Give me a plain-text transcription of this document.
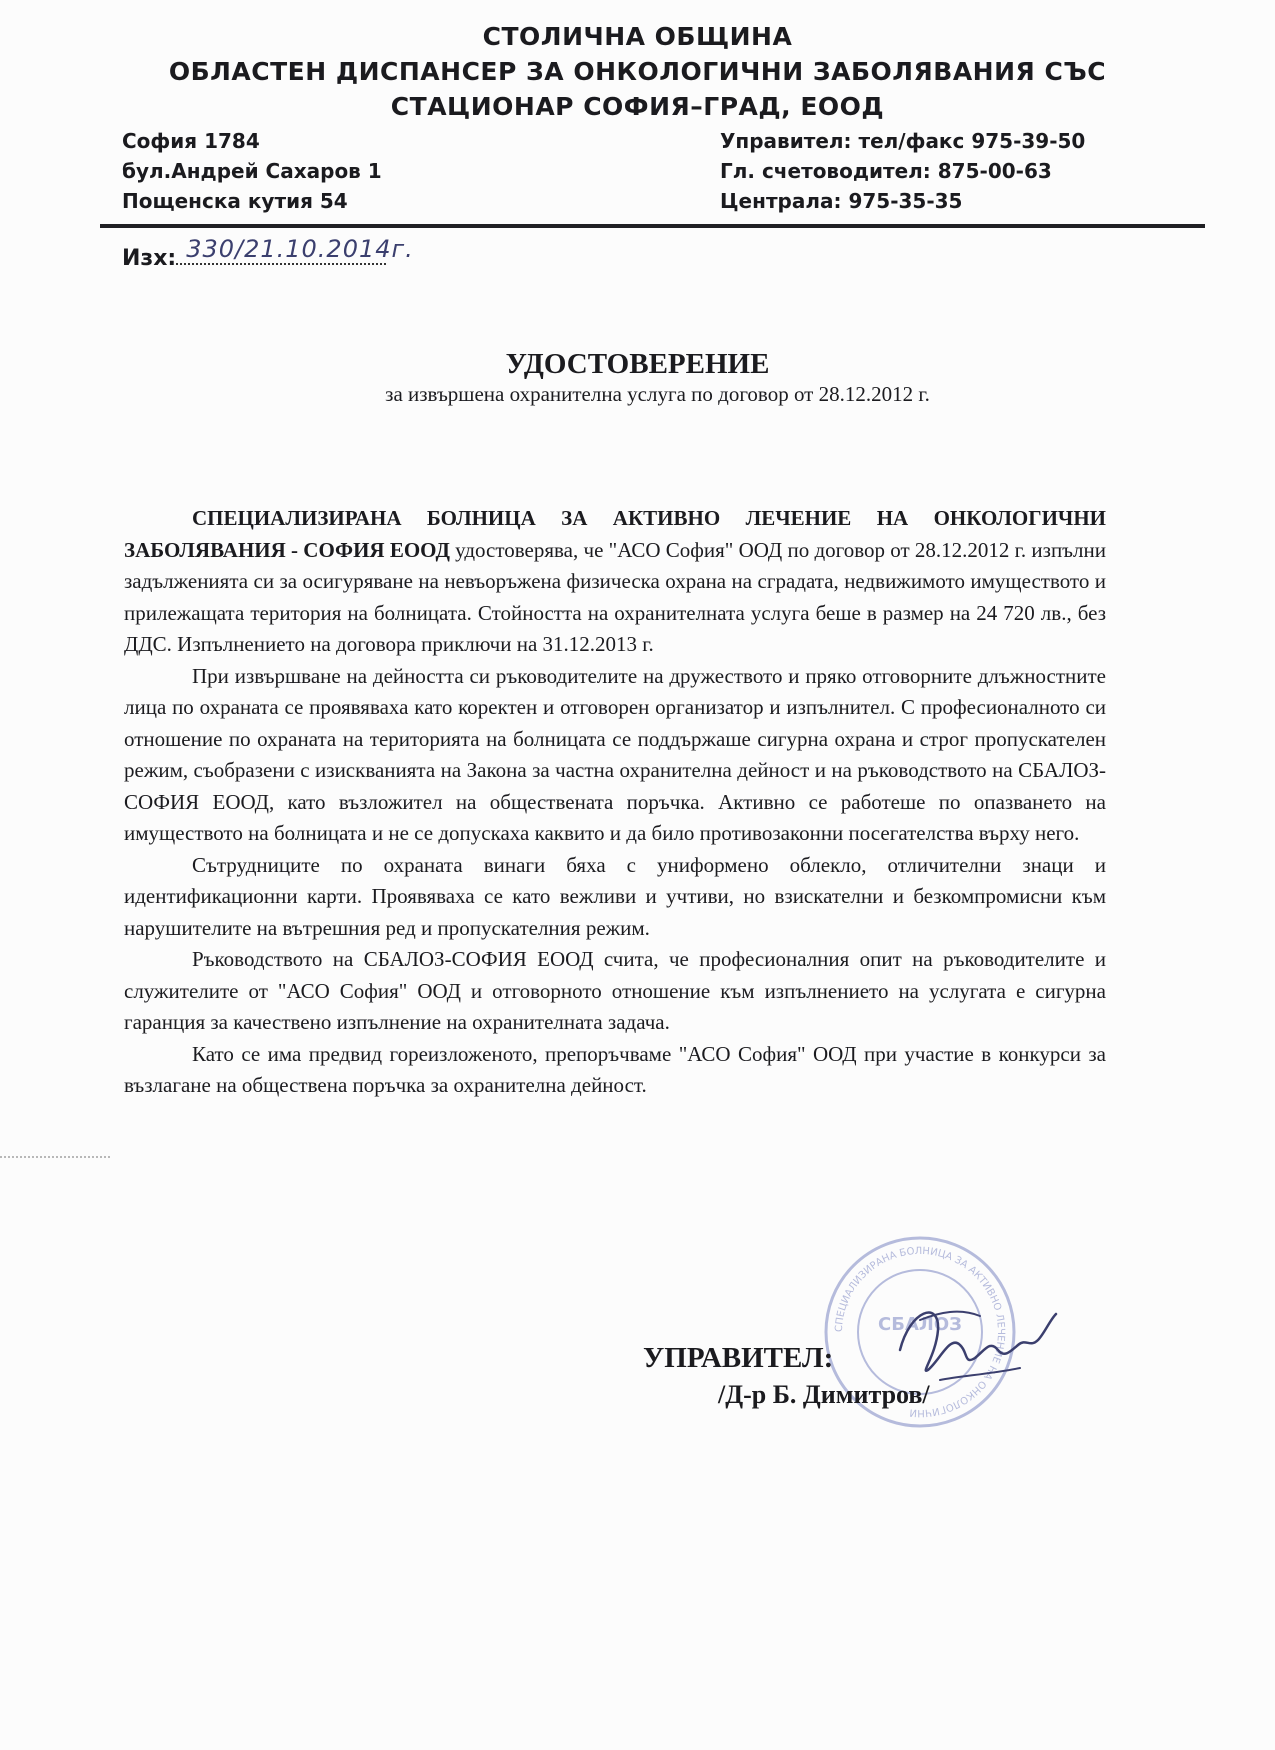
СТОЛИЧНА ОБЩИНА
ОБЛАСТЕН ДИСПАНСЕР ЗА ОНКОЛОГИЧНИ ЗАБОЛЯВАНИЯ СЪС
СТАЦИОНАР СОФИЯ–ГРАД, ЕООД
София 1784
бул.Андрей Сахаров 1
Пощенска кутия 54
Управител: тел/факс 975-39-50
Гл. счетоводител: 875-00-63
Централа: 975-35-35
Изх: 330/21.10.2014г.
УДОСТОВЕРЕНИЕ
за извършена охранителна услуга по договор от 28.12.2012 г.

СПЕЦИАЛИЗИРАНА БОЛНИЦА ЗА АКТИВНО ЛЕЧЕНИЕ НА ОНКОЛОГИЧНИ ЗАБОЛЯВАНИЯ - СОФИЯ ЕООД удостоверява, че "АСО София" ООД по договор от 28.12.2012 г. изпълни задълженията си за осигуряване на невъоръжена физическа охрана на сградата, недвижимото имуществото и прилежащата територия на болницата. Стойността на охранителната услуга беше в размер на 24 720 лв., без ДДС. Изпълнението на договора приключи на 31.12.2013 г.

При извършване на дейността си ръководителите на дружеството и пряко отговорните длъжностните лица по охраната се проявяваха като коректен и отговорен организатор и изпълнител. С професионалното си отношение по охраната на територията на болницата се поддържаше сигурна охрана и строг пропускателен режим, съобразени с изискванията на Закона за частна охранителна дейност и на ръководството на СБАЛОЗ-СОФИЯ ЕООД, като възложител на обществената поръчка. Активно се работеше по опазването на имуществото на болницата и не се допускаха каквито и да било противозаконни посегателства върху него.

Сътрудниците по охраната винаги бяха с униформено облекло, отличителни знаци и идентификационни карти. Проявяваха се като вежливи и учтиви, но взискателни и безкомпромисни към нарушителите на вътрешния ред и пропускателния режим.

Ръководството на СБАЛОЗ-СОФИЯ ЕООД счита, че професионалния опит на ръководителите и служителите от "АСО София" ООД и отговорното отношение към изпълнението на услугата е сигурна гаранция за качествено изпълнение на охранителната задача.

Като се има предвид гореизложеното, препоръчваме "АСО София" ООД при участие в конкурси за възлагане на обществена поръчка за охранителна дейност.

СПЕЦИАЛИЗИРАНА БОЛНИЦА ЗА АКТИВНО ЛЕЧЕНИЕ НА ОНКОЛОГИЧНИ
СБАЛОЗ
УПРАВИТЕЛ:
/Д-р Б. Димитров/
